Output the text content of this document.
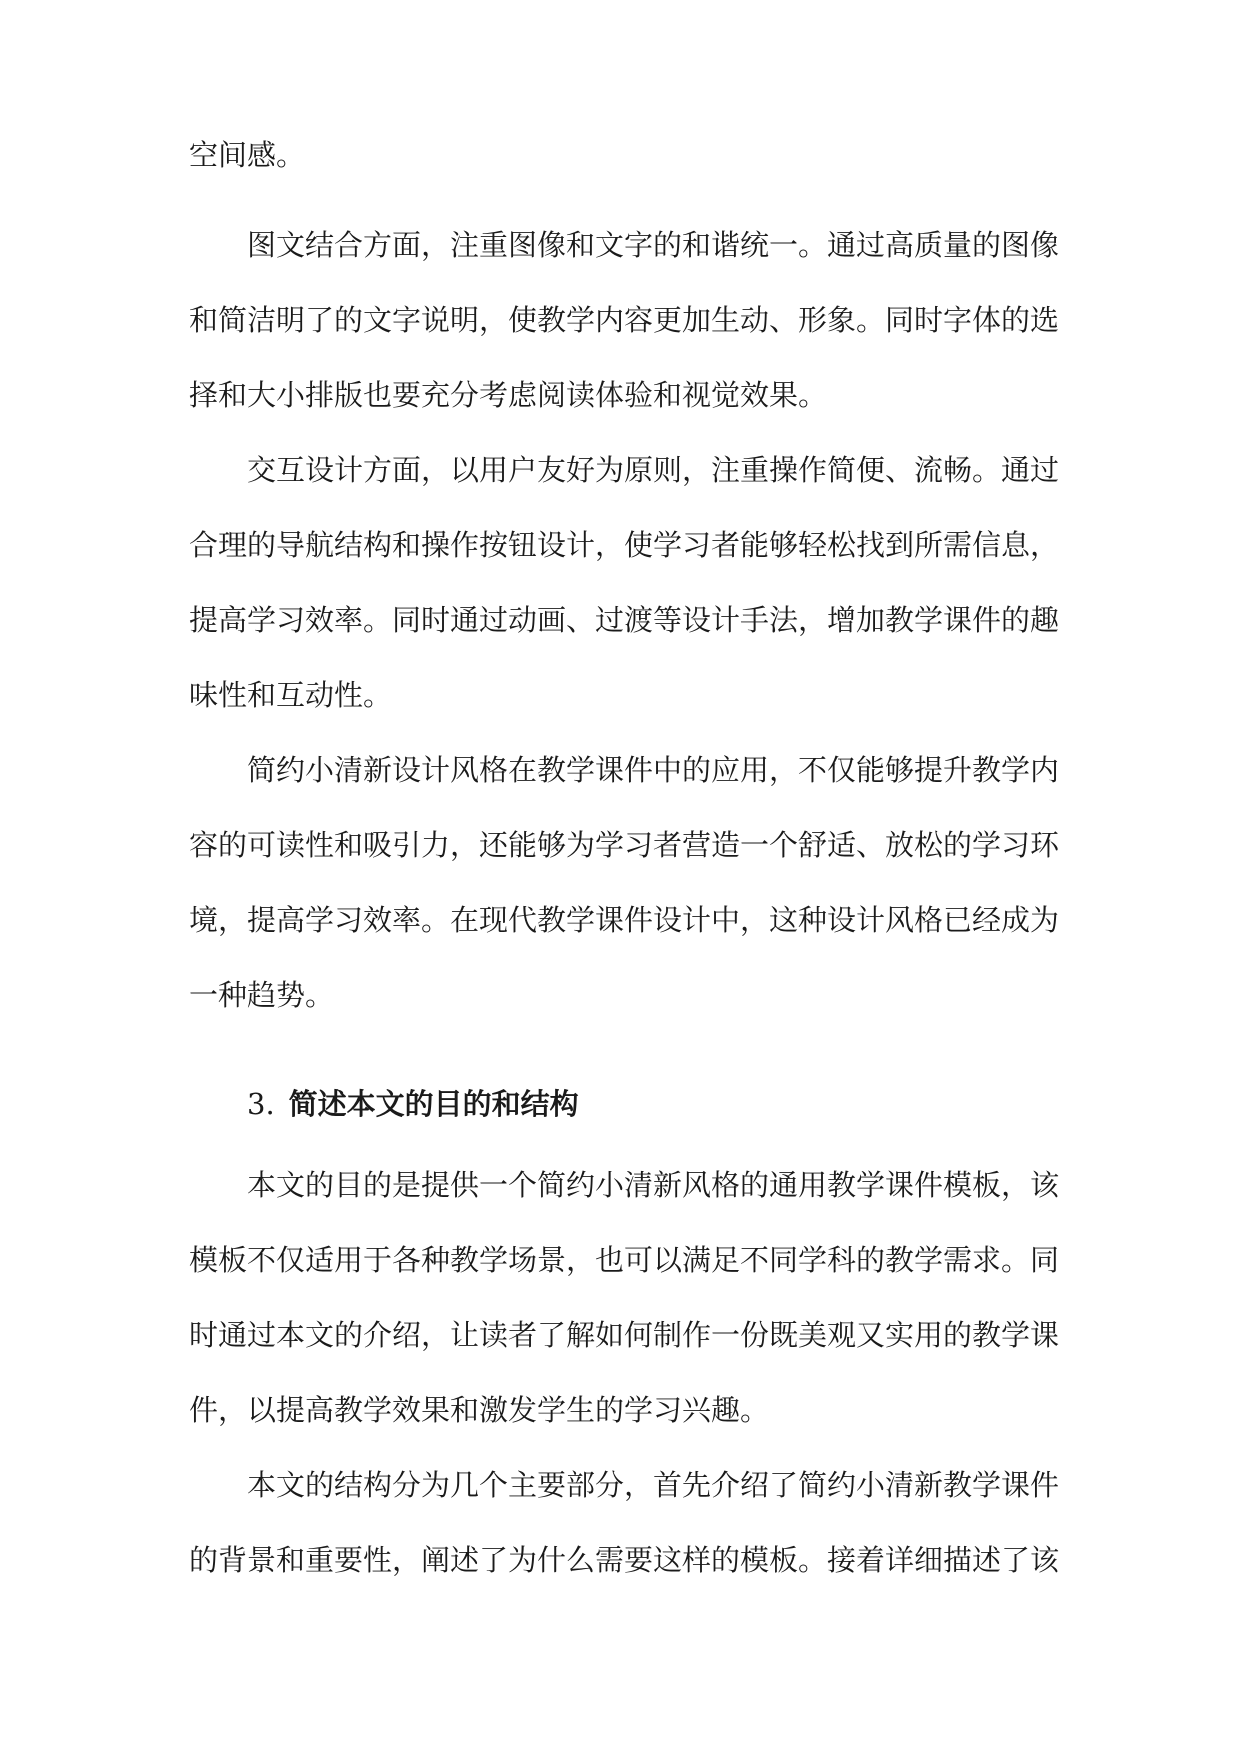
空间感。
图文结合方面，注重图像和文字的和谐统一。通过高质量的图像
和简洁明了的文字说明，使教学内容更加生动、形象。同时字体的选
择和大小排版也要充分考虑阅读体验和视觉效果。
交互设计方面，以用户友好为原则，注重操作简便、流畅。通过
合理的导航结构和操作按钮设计，使学习者能够轻松找到所需信息，
提高学习效率。同时通过动画、过渡等设计手法，增加教学课件的趣
味性和互动性。
简约小清新设计风格在教学课件中的应用，不仅能够提升教学内
容的可读性和吸引力，还能够为学习者营造一个舒适、放松的学习环
境，提高学习效率。在现代教学课件设计中，这种设计风格已经成为
一种趋势。
3. 简述本文的目的和结构
本文的目的是提供一个简约小清新风格的通用教学课件模板，该
模板不仅适用于各种教学场景，也可以满足不同学科的教学需求。同
时通过本文的介绍，让读者了解如何制作一份既美观又实用的教学课
件，以提高教学效果和激发学生的学习兴趣。
本文的结构分为几个主要部分，首先介绍了简约小清新教学课件
的背景和重要性，阐述了为什么需要这样的模板。接着详细描述了该
